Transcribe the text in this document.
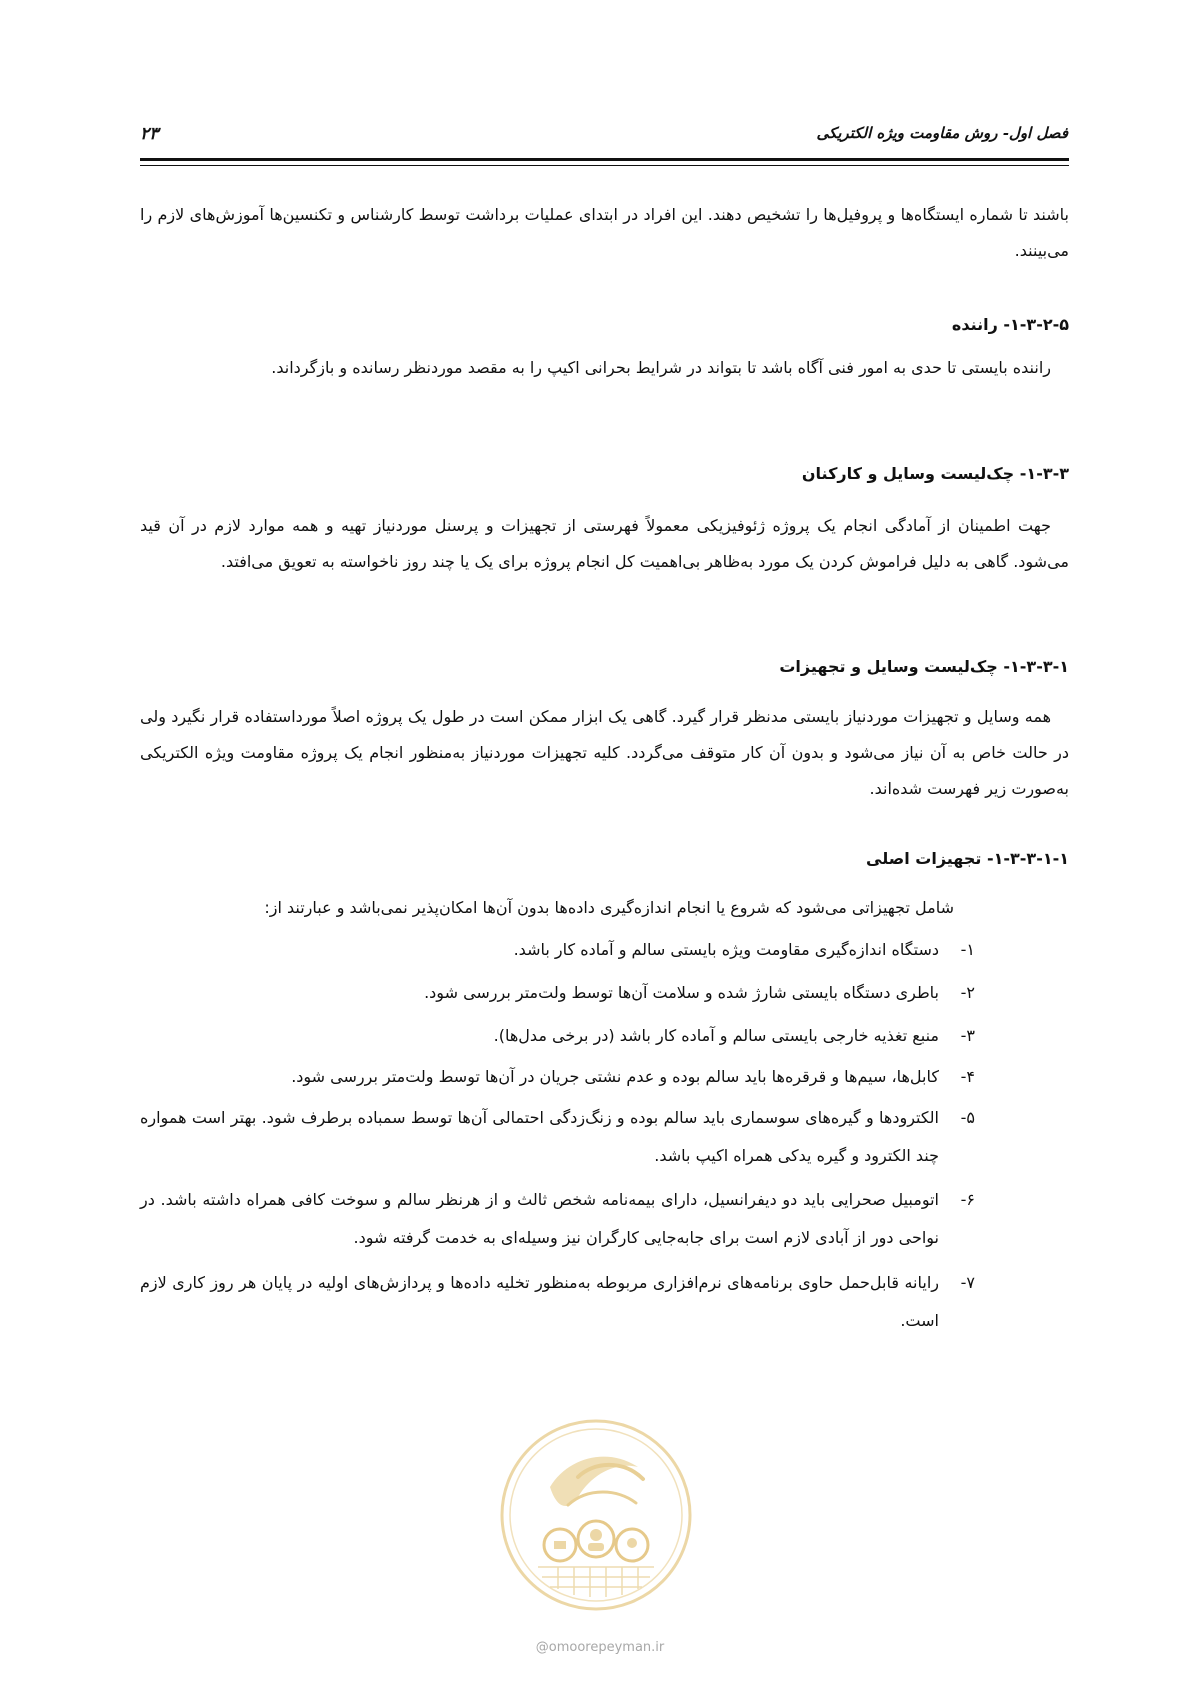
فصل اول- روش مقاومت ویژه الکتریکی
۲۳
باشند تا شماره ایستگاه‌ها و پروفیل‌ها را تشخیص دهند. این افراد در ابتدای عملیات برداشت توسط کارشناس و تکنسین‌ها آموزش‌های لازم را می‌بینند.
۱-۳-۲-۵- راننده
راننده بایستی تا حدی به امور فنی آگاه باشد تا بتواند در شرایط بحرانی اکیپ را به مقصد موردنظر رسانده و بازگرداند.
۱-۳-۳- چک‌لیست وسایل و کارکنان
جهت اطمینان از آمادگی انجام یک پروژه ژئوفیزیکی معمولاً فهرستی از تجهیزات و پرسنل موردنیاز تهیه و همه موارد لازم در آن قید می‌شود. گاهی به دلیل فراموش کردن یک مورد به‌ظاهر بی‌اهمیت کل انجام پروژه برای یک یا چند روز ناخواسته به تعویق می‌افتد.
۱-۳-۳-۱- چک‌لیست وسایل و تجهیزات
همه وسایل و تجهیزات موردنیاز بایستی مدنظر قرار گیرد. گاهی یک ابزار ممکن است در طول یک پروژه اصلاً مورداستفاده قرار نگیرد ولی در حالت خاص به آن نیاز می‌شود و بدون آن کار متوقف می‌گردد. کلیه تجهیزات موردنیاز به‌منظور انجام یک پروژه مقاومت ویژه الکتریکی به‌صورت زیر فهرست شده‌اند.
۱-۳-۳-۱-۱- تجهیزات اصلی
شامل تجهیزاتی می‌شود که شروع یا انجام اندازه‌گیری داده‌ها بدون آن‌ها امکان‌پذیر نمی‌باشد و عبارتند از:
۱-
دستگاه اندازه‌گیری مقاومت ویژه بایستی سالم و آماده کار باشد.
۲-
باطری دستگاه بایستی شارژ شده و سلامت آن‌ها توسط ولت‌متر بررسی شود.
۳-
منبع تغذیه خارجی بایستی سالم و آماده کار باشد (در برخی مدل‌ها).
۴-
کابل‌ها، سیم‌ها و قرقره‌ها باید سالم بوده و عدم نشتی جریان در آن‌ها توسط ولت‌متر بررسی شود.
۵-
الکترودها و گیره‌های سوسماری باید سالم بوده و زنگ‌زدگی احتمالی آن‌ها توسط سمباده برطرف شود. بهتر است همواره چند الکترود و گیره یدکی همراه اکیپ باشد.
۶-
اتومبیل صحرایی باید دو دیفرانسیل، دارای بیمه‌نامه شخص ثالث و از هرنظر سالم و سوخت کافی همراه داشته باشد. در نواحی دور از آبادی لازم است برای جابه‌جایی کارگران نیز وسیله‌ای به خدمت گرفته شود.
۷-
رایانه قابل‌حمل حاوی برنامه‌های نرم‌افزاری مربوطه به‌منظور تخلیه داده‌ها و پردازش‌های اولیه در پایان هر روز کاری لازم است.
@omoorepeyman.ir
